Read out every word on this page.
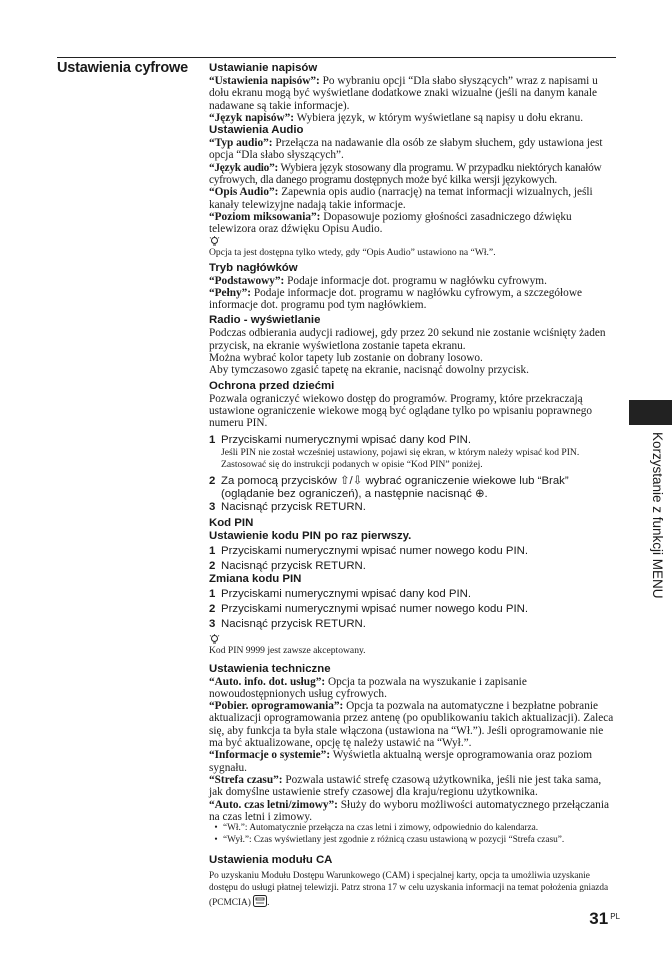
Ustawienia cyfrowe	Ustawianie napisów
“Ustawienia napisów”: Po wybraniu opcji “Dla słabo słyszących” wraz z napisami u dołu ekranu mogą być wyświetlane dodatkowe znaki wizualne (jeśli na danym kanale nadawane są takie informacje).
“Język napisów”: Wybiera język, w którym wyświetlane są napisy u dołu ekranu.
Ustawienia Audio
“Typ audio”: Przełącza na nadawanie dla osób ze słabym słuchem, gdy ustawiona jest opcja “Dla słabo słyszących”.
“Język audio”: Wybiera język stosowany dla programu. W przypadku niektórych kanałów cyfrowych, dla danego programu dostępnych może być kilka wersji językowych.
“Opis Audio”: Zapewnia opis audio (narrację) na temat informacji wizualnych, jeśli kanały telewizyjne nadają takie informacje.
“Poziom miksowania”: Dopasowuje poziomy głośności zasadniczego dźwięku telewizora oraz dźwięku Opisu Audio.
Opcja ta jest dostępna tylko wtedy, gdy “Opis Audio” ustawiono na “Wł.”.
Tryb nagłówków
“Podstawowy”: Podaje informacje dot. programu w nagłówku cyfrowym.
“Pełny”: Podaje informacje dot. programu w nagłówku cyfrowym, a szczegółowe informacje dot. programu pod tym nagłówkiem.
Radio - wyświetlanie
Podczas odbierania audycji radiowej, gdy przez 20 sekund nie zostanie wciśnięty żaden przycisk, na ekranie wyświetlona zostanie tapeta ekranu.
Można wybrać kolor tapety lub zostanie on dobrany losowo.
Aby tymczasowo zgasić tapetę na ekranie, nacisnąć dowolny przycisk.
Ochrona przed dziećmi
Pozwala ograniczyć wiekowo dostęp do programów. Programy, które przekraczają ustawione ograniczenie wiekowe mogą być oglądane tylko po wpisaniu poprawnego numeru PIN.
1 Przyciskami numerycznymi wpisać dany kod PIN.
Jeśli PIN nie został wcześniej ustawiony, pojawi się ekran, w którym należy wpisać kod PIN. Zastosować się do instrukcji podanych w opisie “Kod PIN” poniżej.
2 Za pomocą przycisków ⇧/⇩ wybrać ograniczenie wiekowe lub “Brak” (oglądanie bez ograniczeń), a następnie nacisnąć ⊕.
3 Nacisnąć przycisk RETURN.
Kod PIN
Ustawienie kodu PIN po raz pierwszy.
1 Przyciskami numerycznymi wpisać numer nowego kodu PIN.
2 Nacisnąć przycisk RETURN.
Zmiana kodu PIN
1 Przyciskami numerycznymi wpisać dany kod PIN.
2 Przyciskami numerycznymi wpisać numer nowego kodu PIN.
3 Nacisnąć przycisk RETURN.
Kod PIN 9999 jest zawsze akceptowany.
Ustawienia techniczne
“Auto. info. dot. usług”: Opcja ta pozwala na wyszukanie i zapisanie nowoudostępnionych usług cyfrowych.
“Pobier. oprogramowania”: Opcja ta pozwala na automatyczne i bezpłatne pobranie aktualizacji oprogramowania przez antenę (po opublikowaniu takich aktualizacji). Zaleca się, aby funkcja ta była stale włączona (ustawiona na “Wł.”). Jeśli oprogramowanie nie ma być aktualizowane, opcję tę należy ustawić na “Wył.”.
“Informacje o systemie”: Wyświetla aktualną wersje oprogramowania oraz poziom sygnału.
“Strefa czasu”: Pozwala ustawić strefę czasową użytkownika, jeśli nie jest taka sama, jak domyślne ustawienie strefy czasowej dla kraju/regionu użytkownika.
“Auto. czas letni/zimowy”: Służy do wyboru możliwości automatycznego przełączania na czas letni i zimowy.
• “Wł.”: Automatycznie przełącza na czas letni i zimowy, odpowiednio do kalendarza.
• “Wył.”: Czas wyświetlany jest zgodnie z różnicą czasu ustawioną w pozycji “Strefa czasu”.
Ustawienia modułu CA
Po uzyskaniu Modułu Dostępu Warunkowego (CAM) i specjalnej karty, opcja ta umożliwia uzyskanie dostępu do usługi płatnej telewizji. Patrz strona 17 w celu uzyskania informacji na temat położenia gniazda (PCMCIA) .
Korzystanie z funkcji MENU
31 $^{PL}$
